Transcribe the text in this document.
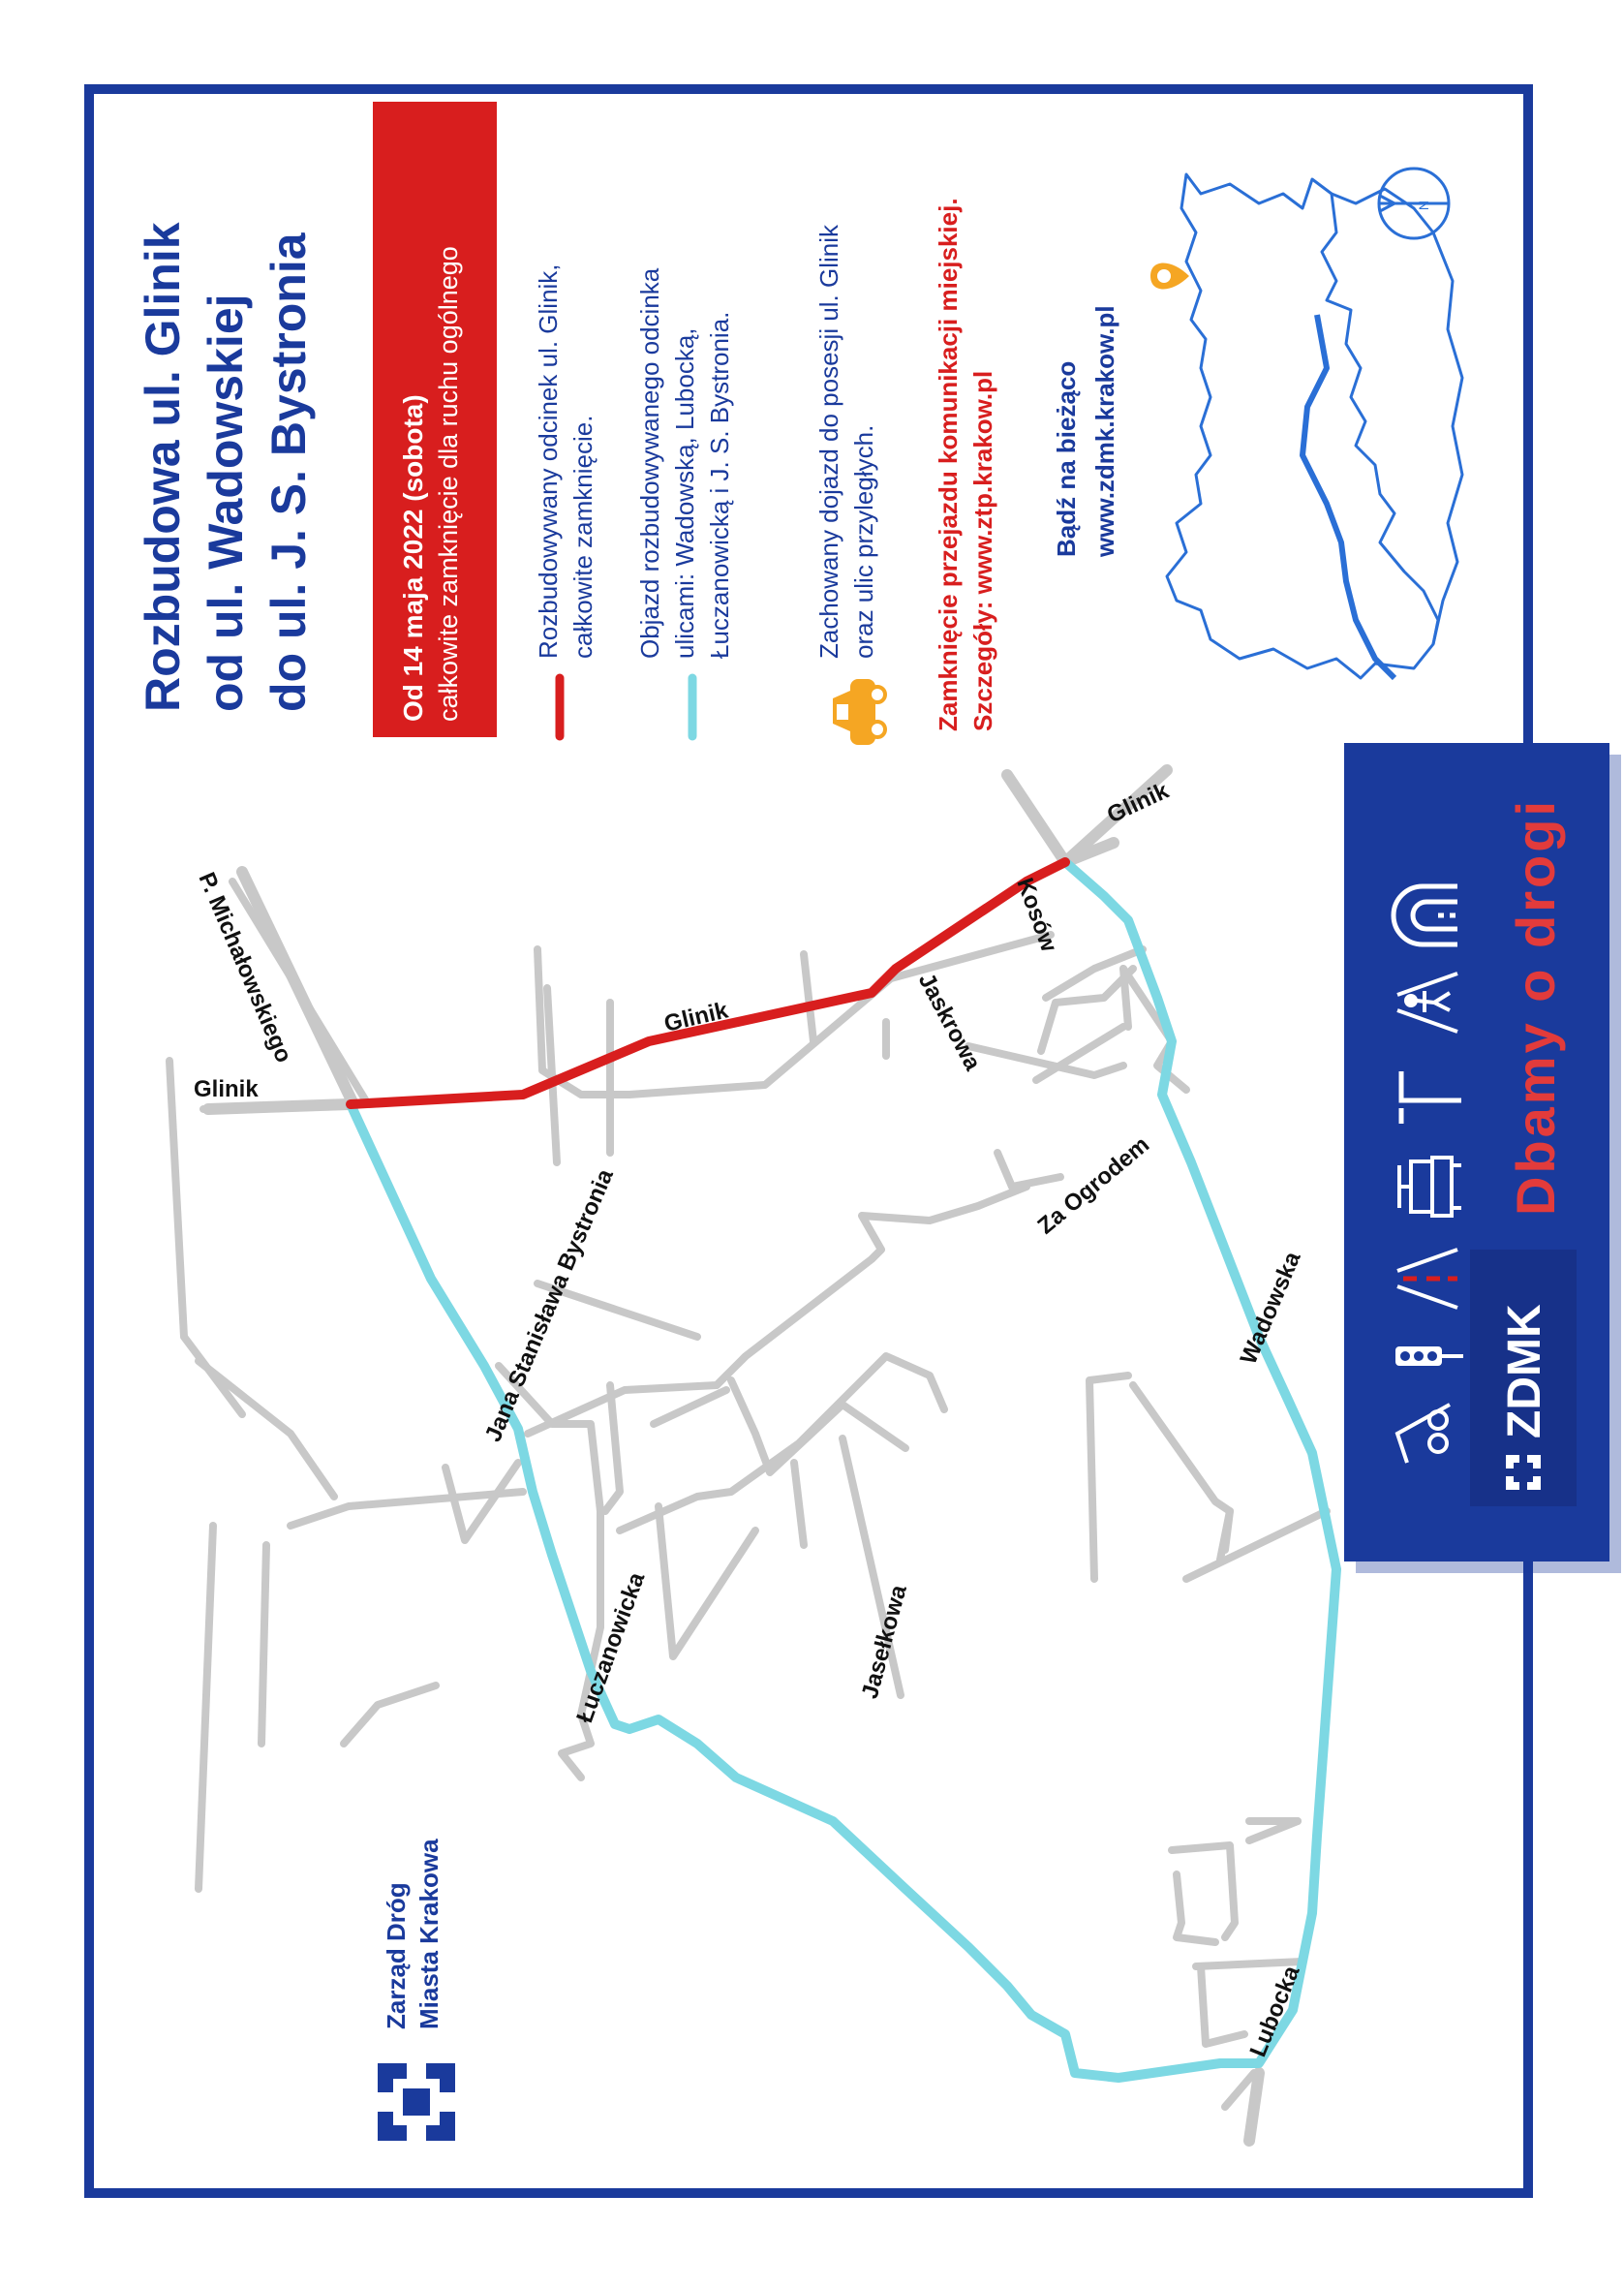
Glinik
P. Michałowskiego	Glinik
Glinik
Kosów
Jaskrowa
Jana Stanisława Bystronia	Za Ogrodem
Wadowska
Łuczanowicka	Jasełkowa
Lubocka
Rozbudowa ul. Glinik od ul. Wadowskiej do ul. J. S. Bystronia	Od 14 maja 2022 (sobota) całkowite zamknięcie dla ruchu ogólnego	Rozbudowywany odcinek ul. Glinik, całkowite zamknięcie. Objazd rozbudowywanego odcinka ulicami: Wadowską, Lubocką, Łuczanowicką i J. S. Bystronia.	Zachowany dojazd do posesji ul. Glinik oraz ulic przyległych. Zamknięcie przejazdu komunikacji miejskiej. Szczegóły: www.ztp.krakow.pl Bądź na bieżąco www.zdmk.krakow.pl
N
ZDMK
Dbamy o drogi
Zarząd Dróg Miasta Krakowa
